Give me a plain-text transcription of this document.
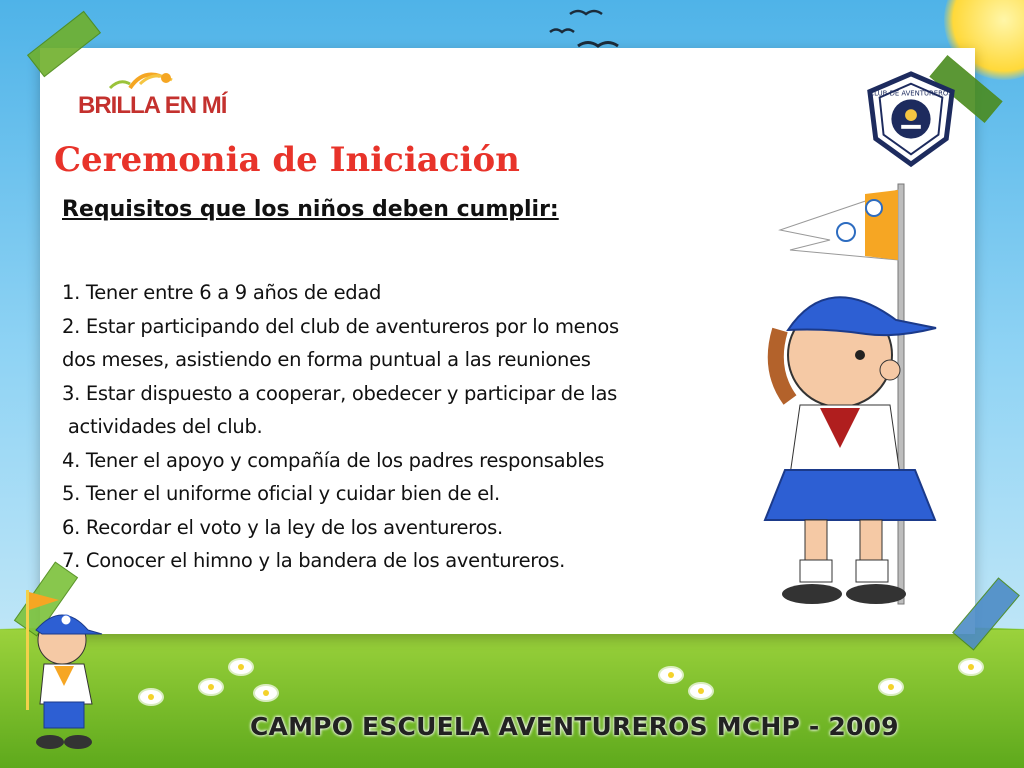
BRILLA EN MÍ
Ceremonia de Iniciación
Requisitos que los niños deben cumplir:
1. Tener entre 6 a 9 años de edad
2. Estar participando del club de aventureros por lo menos
dos meses, asistiendo en forma puntual a las reuniones
3. Estar dispuesto a cooperar, obedecer y participar de las
actividades del club.
4. Tener el apoyo y compañía de los padres responsables
5. Tener el uniforme oficial y cuidar bien de el.
6. Recordar el voto y la ley de los aventureros.
7. Conocer el himno y la bandera de los aventureros.
CLUB DE AVENTUREROS
CAMPO ESCUELA AVENTUREROS MCHP - 2009
